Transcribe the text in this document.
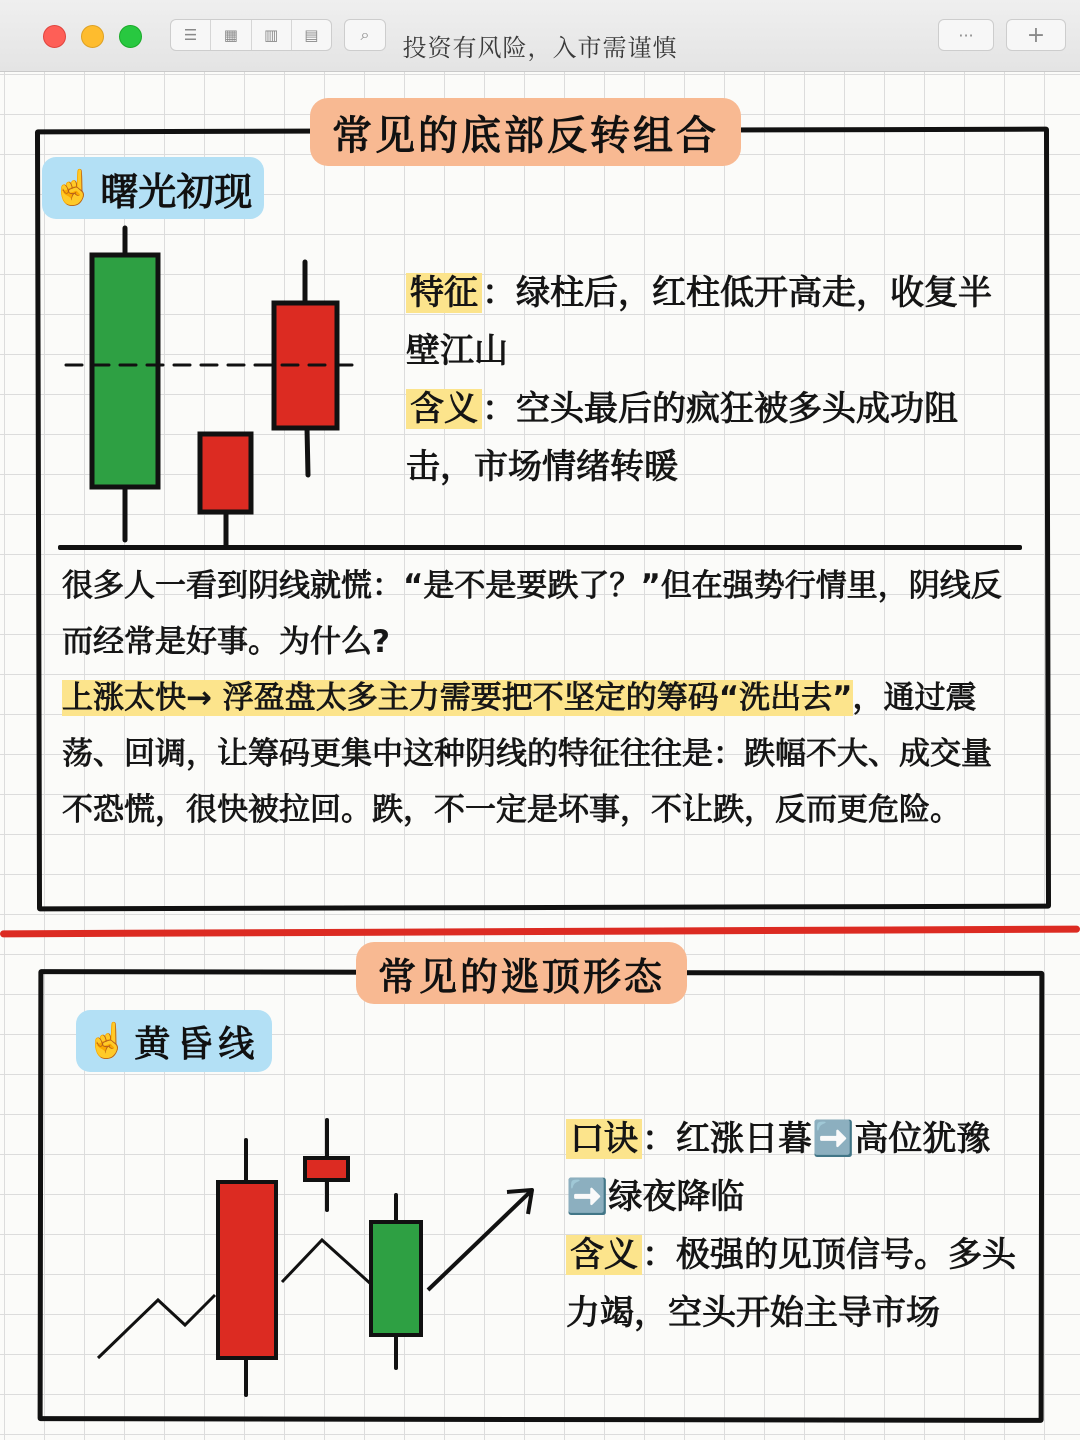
☰	▦	▥	▤	⌕	投资有风险，入市需谨慎	···	+
常见的底部反转组合
☝️ 曙光初现
特征 ：绿柱后，红柱低开高走，收复半壁江山
含义 ：空头最后的疯狂被多头成功阻击，市场情绪转暖
很多人一看到阴线就慌：“是不是要跌了？”但在强势行情里，阴线反而经常是好事。为什么?
上涨太快→ 浮盈盘太多主力需要把不坚定的筹码“洗出去”，通过震荡、回调，让筹码更集中这种阴线的特征往往是：跌幅不大、成交量不恐慌，很快被拉回。跌，不一定是坏事，不让跌，反而更危险。
常见的逃顶形态
☝️ 黄昏线
口诀 ：红涨日暮➡️高位犹豫➡️绿夜降临
含义 ：极强的见顶信号。多头力竭，空头开始主导市场
